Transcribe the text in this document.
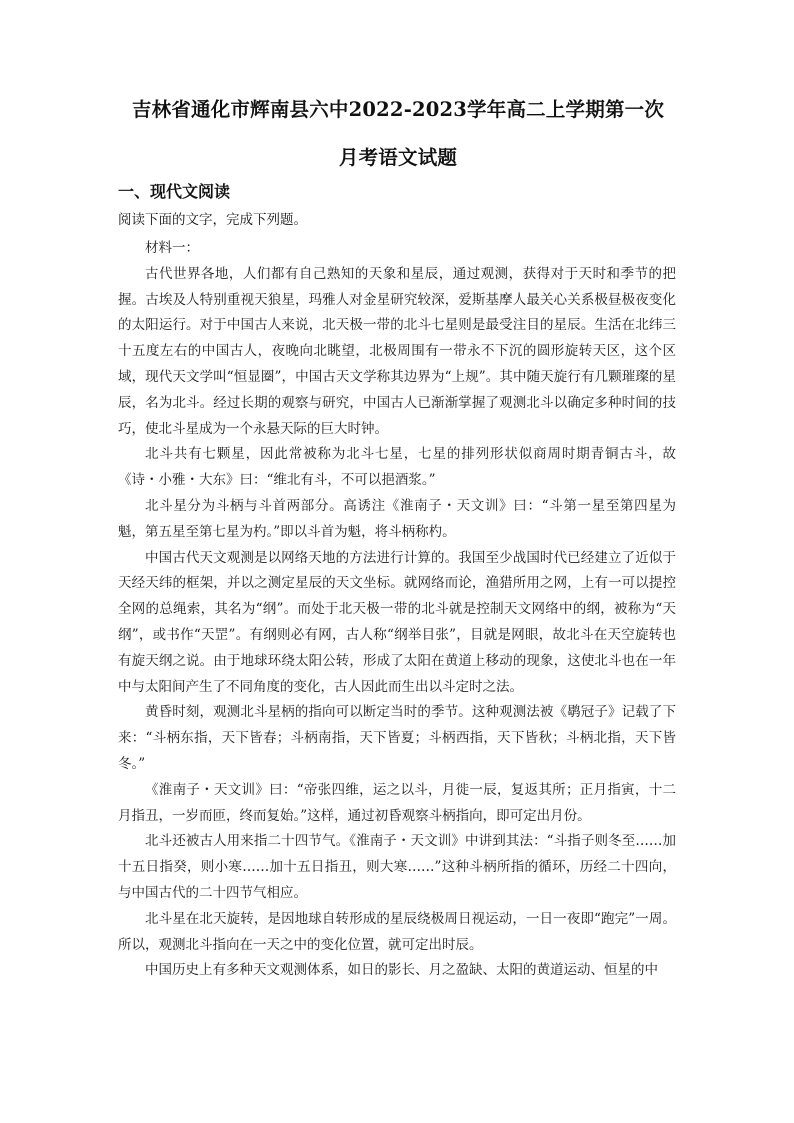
吉林省通化市辉南县六中2022-2023学年高二上学期第一次
月考语文试题
一、现代文阅读

阅读下面的文字，完成下列题。

材料一：

古代世界各地，人们都有自己熟知的天象和星辰，通过观测，获得对于天时和季节的把握。古埃及人特别重视天狼星，玛雅人对金星研究较深，爱斯基摩人最关心关系极昼极夜变化的太阳运行。对于中国古人来说，北天极一带的北斗七星则是最受注目的星辰。生活在北纬三十五度左右的中国古人，夜晚向北眺望，北极周围有一带永不下沉的圆形旋转天区，这个区域，现代天文学叫“恒显圈”，中国古天文学称其边界为“上规”。其中随天旋行有几颗璀璨的星辰，名为北斗。经过长期的观察与研究，中国古人已渐渐掌握了观测北斗以确定多种时间的技巧，使北斗星成为一个永悬天际的巨大时钟。

北斗共有七颗星，因此常被称为北斗七星，七星的排列形状似商周时期青铜古斗，故《诗・小雅・大东》曰：“维北有斗，不可以挹酒浆。”

北斗星分为斗柄与斗首两部分。高诱注《淮南子・天文训》曰：“斗第一星至第四星为魁，第五星至第七星为杓。”即以斗首为魁，将斗柄称杓。

中国古代天文观测是以网络天地的方法进行计算的。我国至少战国时代已经建立了近似于天经天纬的框架，并以之测定星辰的天文坐标。就网络而论，渔猎所用之网，上有一可以提控全网的总绳索，其名为“纲”。而处于北天极一带的北斗就是控制天文网络中的纲，被称为“天纲”，或书作“天罡”。有纲则必有网，古人称“纲举目张”，目就是网眼，故北斗在天空旋转也有旋天纲之说。由于地球环绕太阳公转，形成了太阳在黄道上移动的现象，这使北斗也在一年中与太阳间产生了不同角度的变化，古人因此而生出以斗定时之法。

黄昏时刻，观测北斗星柄的指向可以断定当时的季节。这种观测法被《鹖冠子》记载了下来：“斗柄东指，天下皆春；斗柄南指，天下皆夏；斗柄西指，天下皆秋；斗柄北指，天下皆冬。”

《淮南子・天文训》曰：“帝张四维，运之以斗，月徙一辰，复返其所；正月指寅，十二月指丑，一岁而匝，终而复始。”这样，通过初昏观察斗柄指向，即可定出月份。

北斗还被古人用来指二十四节气。《淮南子・天文训》中讲到其法：“斗指子则冬至……加十五日指癸，则小寒……加十五日指丑，则大寒……”这种斗柄所指的循环，历经二十四向，与中国古代的二十四节气相应。

北斗星在北天旋转，是因地球自转形成的星辰绕极周日视运动，一日一夜即“跑完”一周。所以，观测北斗指向在一天之中的变化位置，就可定出时辰。

中国历史上有多种天文观测体系，如日的影长、月之盈缺、太阳的黄道运动、恒星的中
